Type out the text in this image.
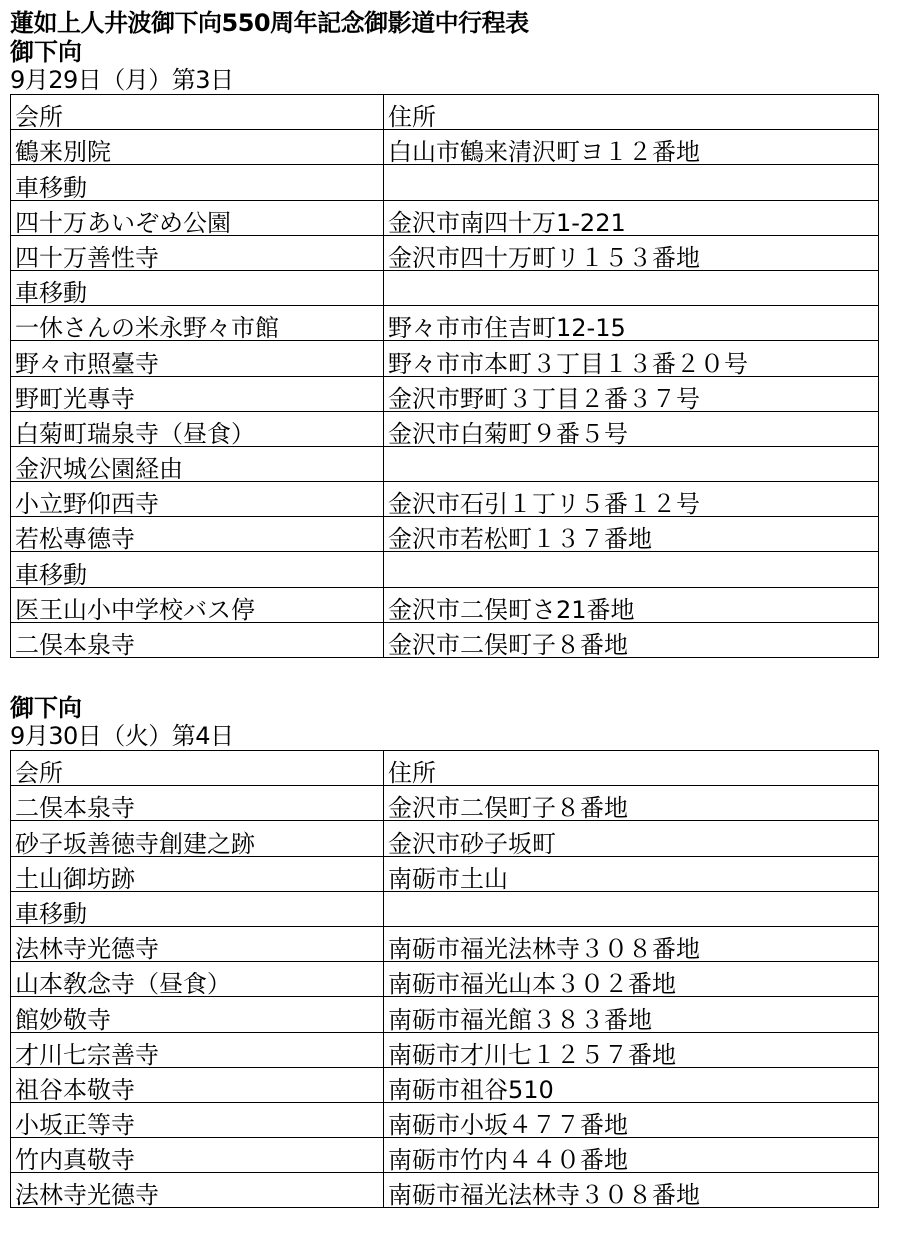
蓮如上人井波御下向550周年記念御影道中行程表
御下向
9月29日（月）第3日
会所	住所
鶴来別院	白山市鶴来清沢町ヨ１２番地
車移動	
四十万あいぞめ公園	金沢市南四十万1-221
四十万善性寺	金沢市四十万町リ１５３番地
車移動	
一休さんの米永野々市館	野々市市住吉町12-15
野々市照臺寺	野々市市本町３丁目１３番２０号
野町光專寺	金沢市野町３丁目２番３７号
白菊町瑞泉寺（昼食）	金沢市白菊町９番５号
金沢城公園経由	
小立野仰西寺	金沢市石引１丁リ５番１２号
若松專德寺	金沢市若松町１３７番地
車移動	
医王山小中学校バス停	金沢市二俣町さ21番地
二俣本泉寺	金沢市二俣町子８番地
御下向
9月30日（火）第4日
会所	住所
二俣本泉寺	金沢市二俣町子８番地
砂子坂善徳寺創建之跡	金沢市砂子坂町
土山御坊跡	南砺市土山
車移動	
法林寺光德寺	南砺市福光法林寺３０８番地
山本敎念寺（昼食）	南砺市福光山本３０２番地
館妙敬寺	南砺市福光館３８３番地
才川七宗善寺	南砺市才川七１２５７番地
祖谷本敬寺	南砺市祖谷510
小坂正等寺	南砺市小坂４７７番地
竹内真敬寺	南砺市竹内４４０番地
法林寺光德寺	南砺市福光法林寺３０８番地
